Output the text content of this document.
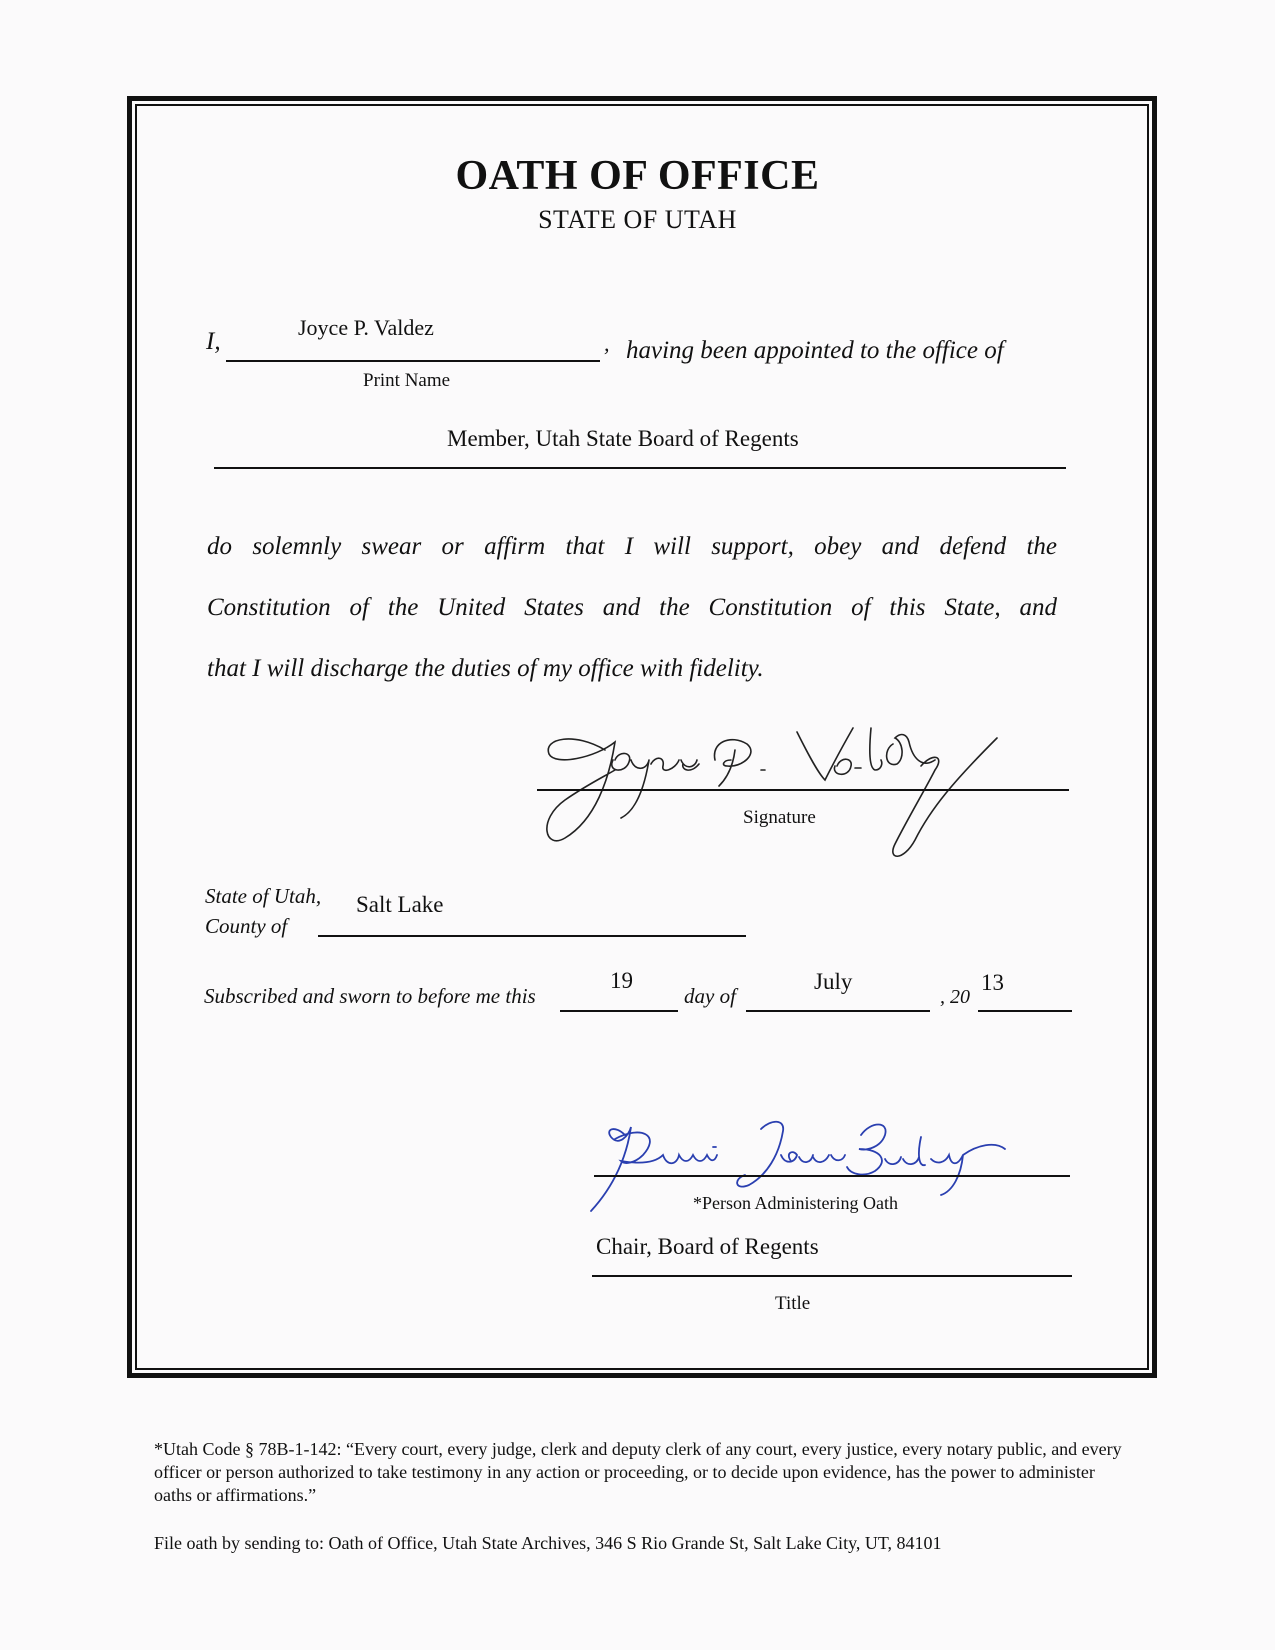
OATH OF OFFICE
STATE OF UTAH
I,
Joyce P. Valdez
, having been appointed to the office of
Print Name
Member, Utah State Board of Regents
do solemnly swear or affirm that I will support, obey and defend the
Constitution of the United States and the Constitution of this State, and
that I will discharge the duties of my office with fidelity.
Signature
State of Utah,
County of
Salt Lake
Subscribed and sworn to before me this
19
day of
July
, 20
13
*Person Administering Oath
Chair, Board of Regents
Title
*Utah Code § 78B-1-142: “Every court, every judge, clerk and deputy clerk of any court, every justice, every notary public, and every officer or person authorized to take testimony in any action or proceeding, or to decide upon evidence, has the power to administer oaths or affirmations.”
File oath by sending to: Oath of Office, Utah State Archives, 346 S Rio Grande St, Salt Lake City, UT, 84101
